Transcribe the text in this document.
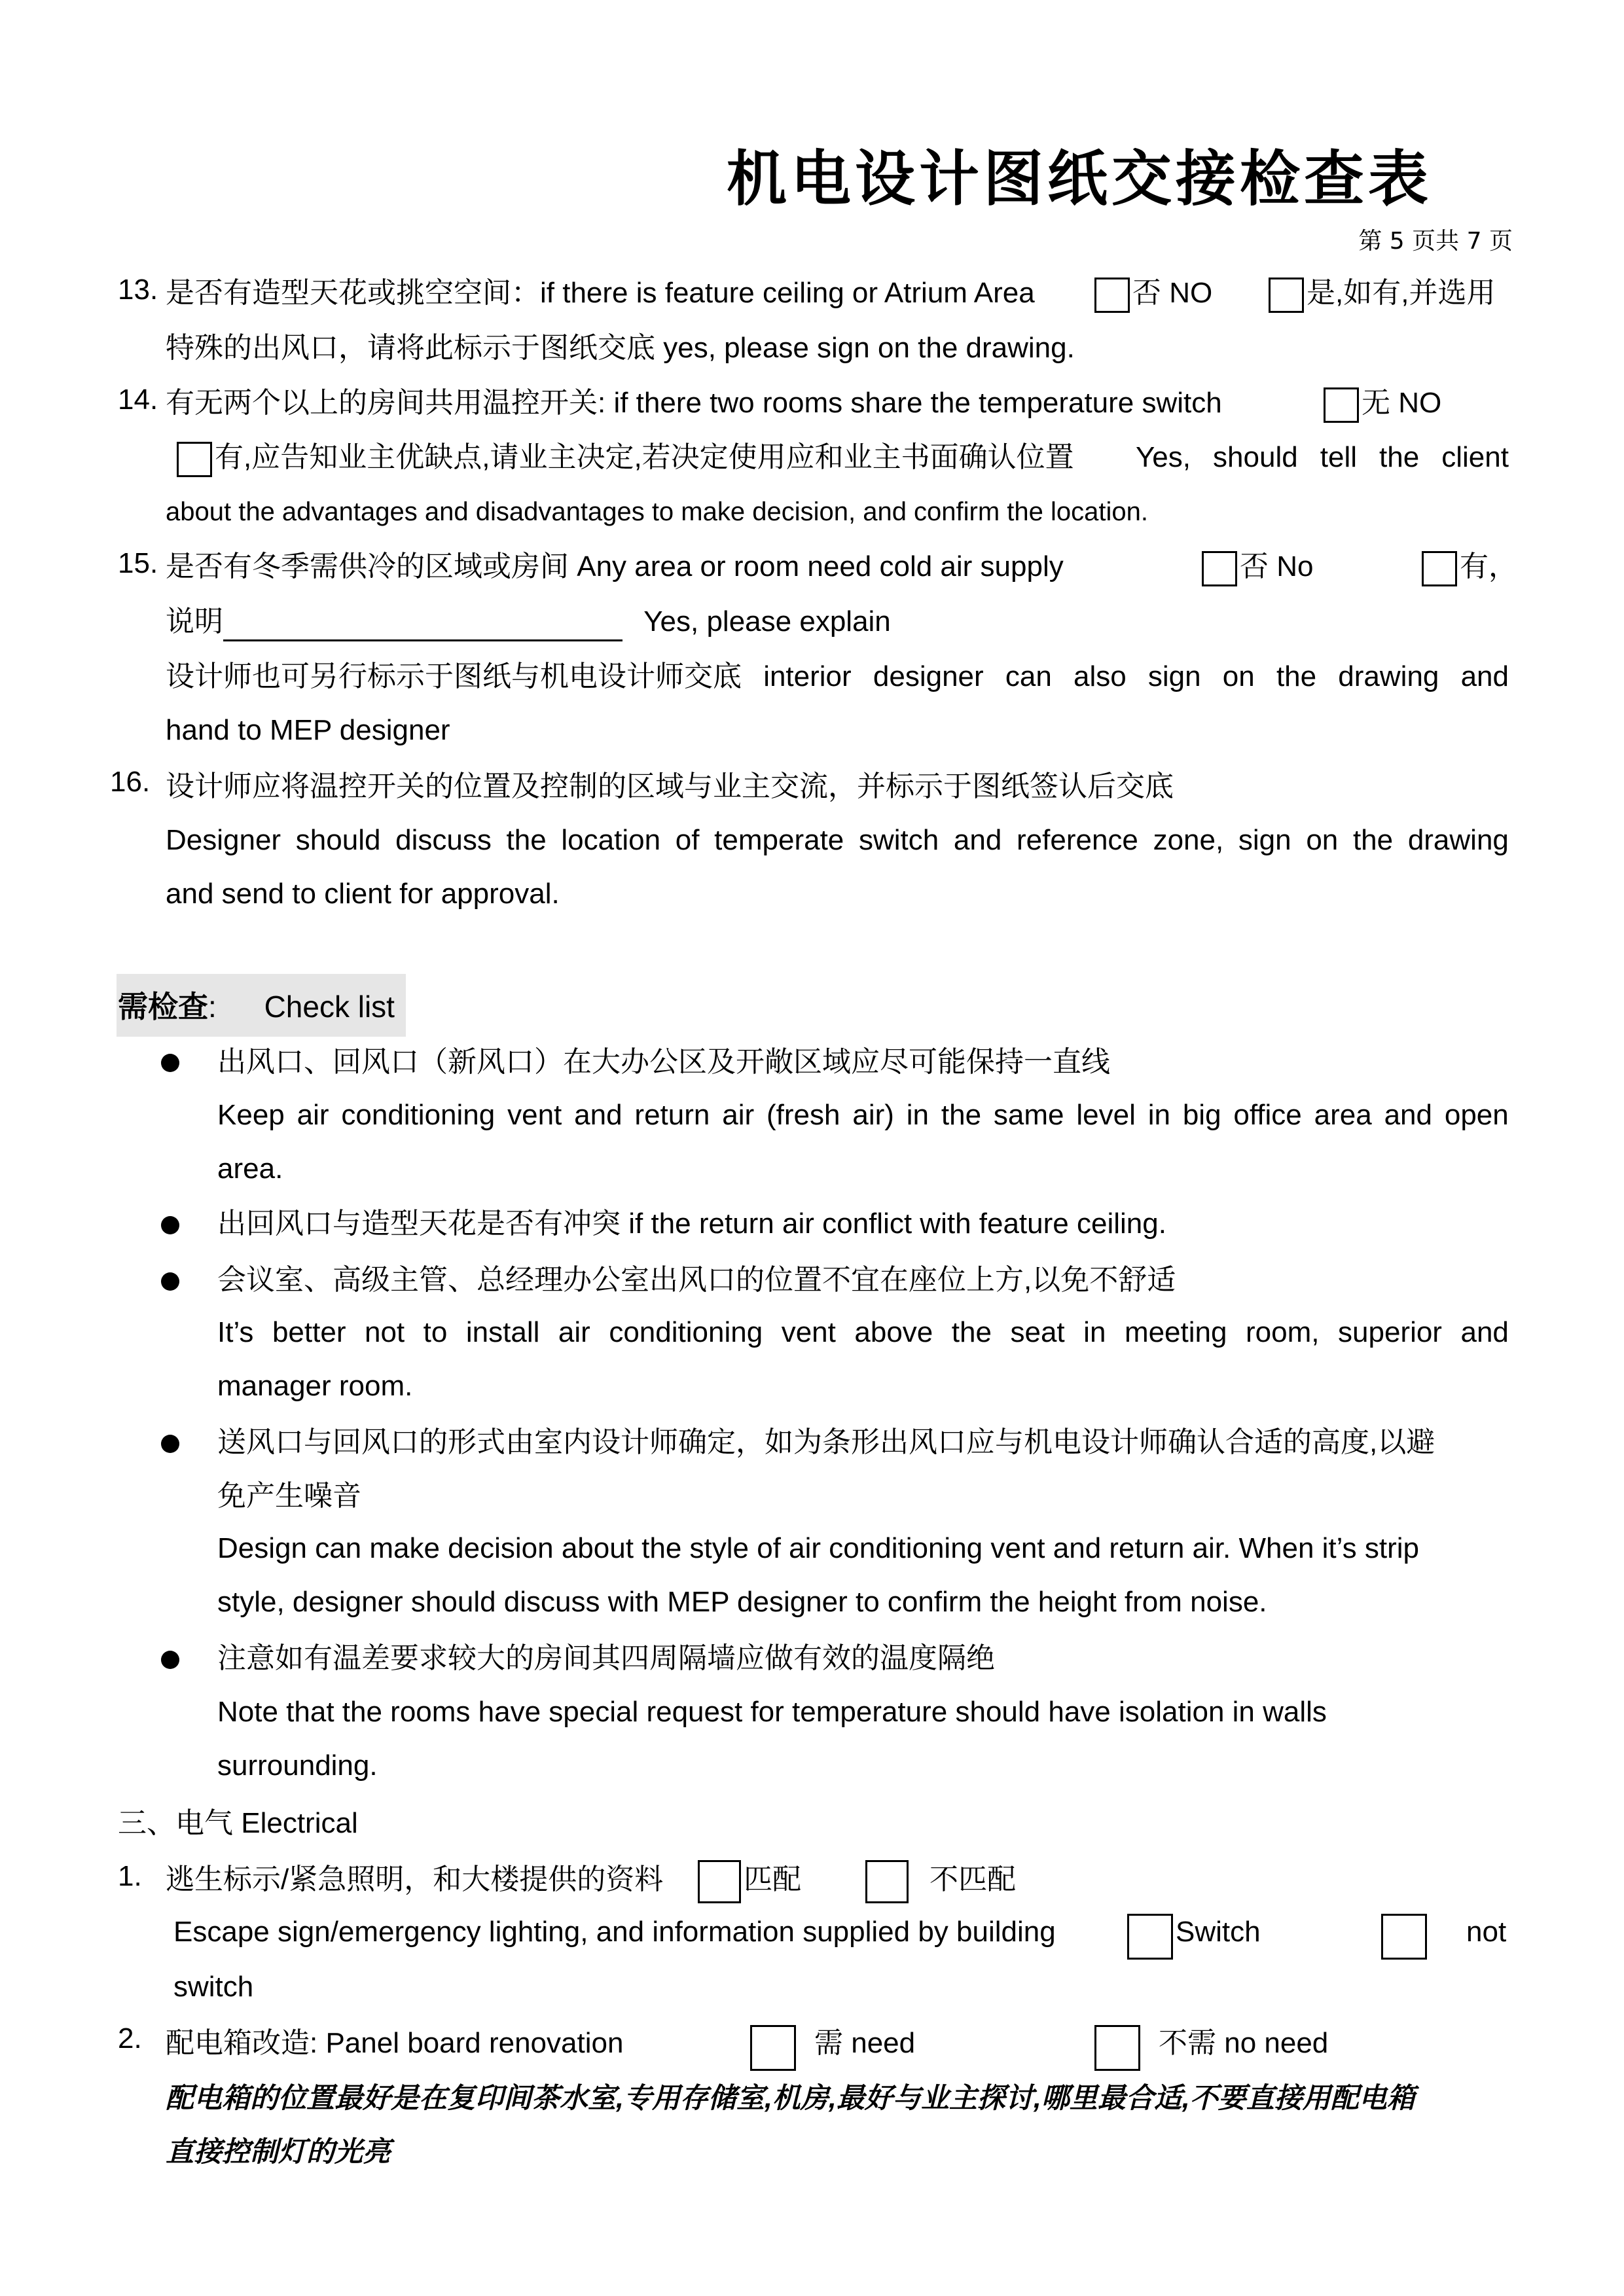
机电设计图纸交接检查表
第 5 页共 7 页
13. 是否有造型天花或挑空空间：if there is feature ceiling or Atrium Area	否 NO	是,如有,并选用
特殊的出风口，请将此标示于图纸交底 yes, please sign on the drawing.
14. 有无两个以上的房间共用温控开关: if there two rooms share the temperature switch	无 NO
有,应告知业主优缺点,请业主决定,若决定使用应和业主书面确认位置 Yes, should tell the client
about the advantages and disadvantages to make decision, and confirm the location.
15. 是否有冬季需供冷的区域或房间 Any area or room need cold air supply	否 No	有，
说明	Yes, please explain
设计师也可另行标示于图纸与机电设计师交底 interior designer can also sign on the drawing and
hand to MEP designer
16. 设计师应将温控开关的位置及控制的区域与业主交流，并标示于图纸签认后交底
Designer should discuss the location of temperate switch and reference zone, sign on the drawing
and send to client for approval.
需检查: Check list
出风口、回风口（新风口）在大办公区及开敞区域应尽可能保持一直线
Keep air conditioning vent and return air (fresh air) in the same level in big office area and open
area.
出回风口与造型天花是否有冲突 if the return air conflict with feature ceiling.
会议室、高级主管、总经理办公室出风口的位置不宜在座位上方,以免不舒适
It’s better not to install air conditioning vent above the seat in meeting room, superior and
manager room.
送风口与回风口的形式由室内设计师确定，如为条形出风口应与机电设计师确认合适的高度,以避
免产生噪音
Design can make decision about the style of air conditioning vent and return air. When it’s strip
style, designer should discuss with MEP designer to confirm the height from noise.
注意如有温差要求较大的房间其四周隔墙应做有效的温度隔绝
Note that the rooms have special request for temperature should have isolation in walls
surrounding.
三、电气 Electrical
1. 逃生标示/紧急照明，和大楼提供的资料	匹配	不匹配
Escape sign/emergency lighting, and information supplied by building	Switch	not
switch
2. 配电箱改造: Panel board renovation	需 need	不需 no need
配电箱的位置最好是在复印间茶水室,专用存储室,机房,最好与业主探讨,哪里最合适,不要直接用配电箱
直接控制灯的光亮
